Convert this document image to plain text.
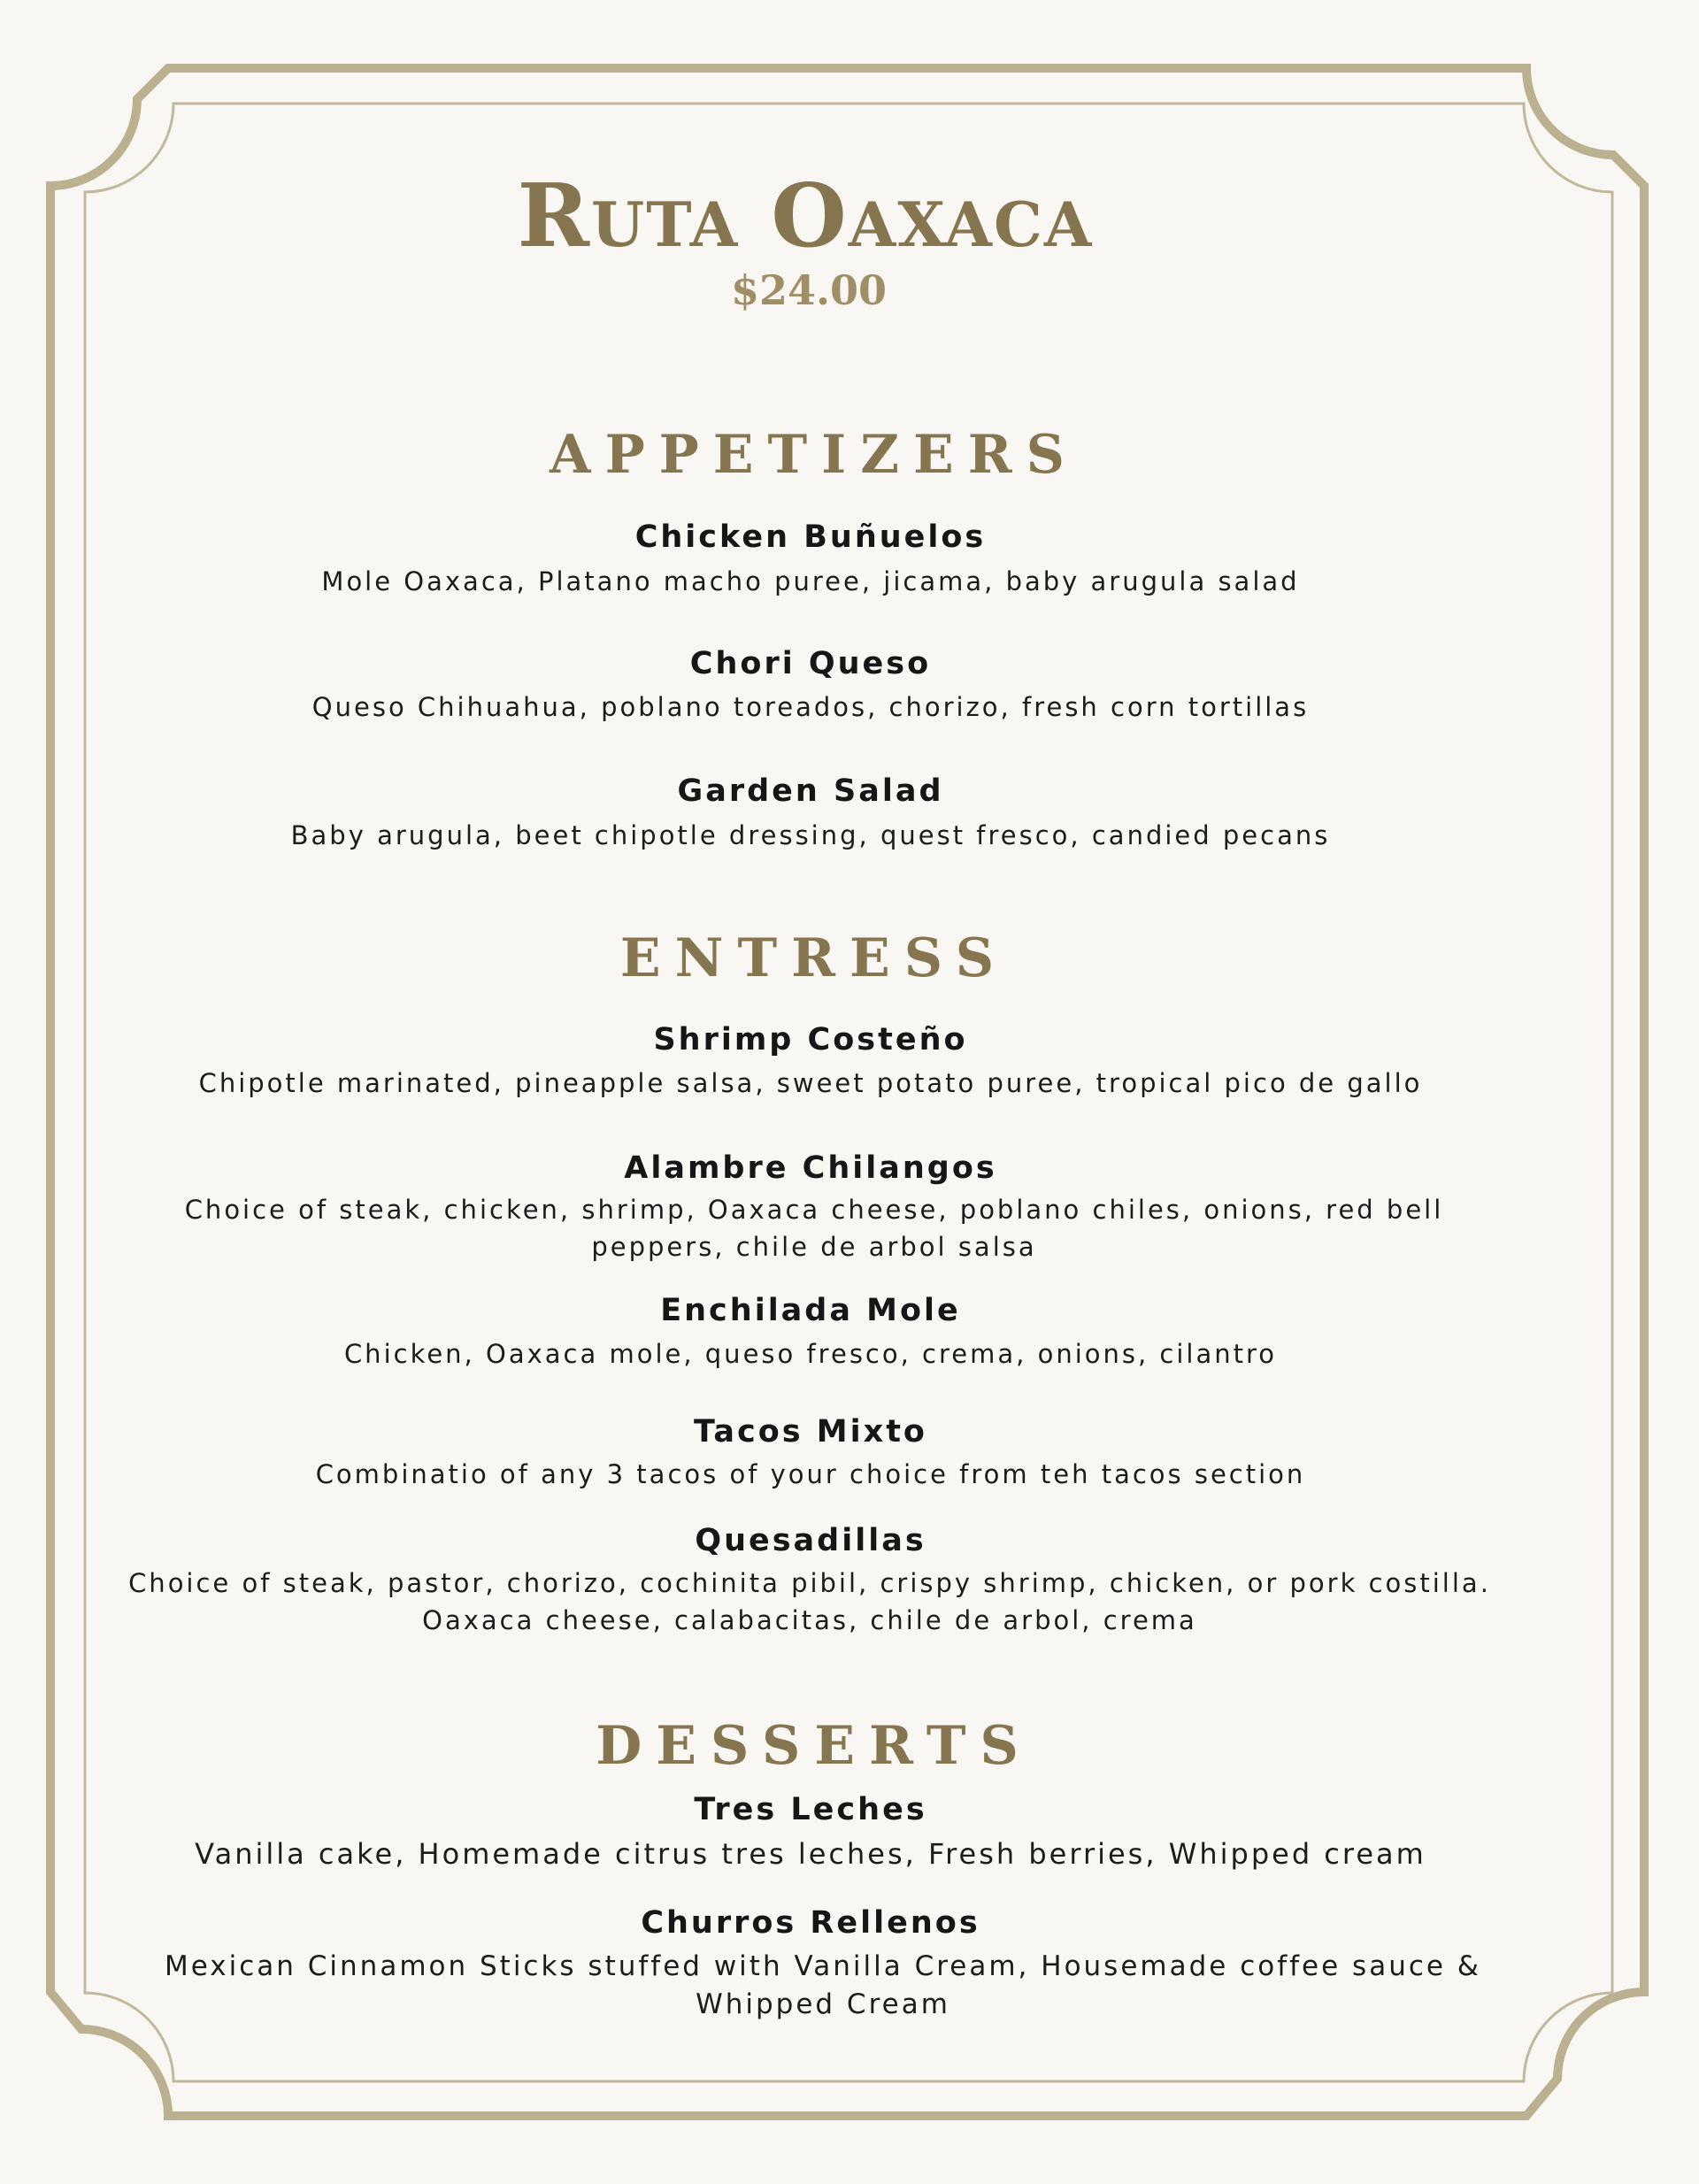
Ruta Oaxaca
$24.00
APPETIZERS
Chicken Buñuelos
Mole Oaxaca, Platano macho puree, jicama, baby arugula salad
Chori Queso
Queso Chihuahua, poblano toreados, chorizo, fresh corn tortillas
Garden Salad
Baby arugula, beet chipotle dressing, quest fresco, candied pecans
ENTRESS
Shrimp Costeño
Chipotle marinated, pineapple salsa, sweet potato puree, tropical pico de gallo
Alambre Chilangos
Choice of steak, chicken, shrimp, Oaxaca cheese, poblano chiles, onions, red bell peppers, chile de arbol salsa
Enchilada Mole
Chicken, Oaxaca mole, queso fresco, crema, onions, cilantro
Tacos Mixto
Combinatio of any 3 tacos of your choice from teh tacos section
Quesadillas
Choice of steak, pastor, chorizo, cochinita pibil, crispy shrimp, chicken, or pork costilla. Oaxaca cheese, calabacitas, chile de arbol, crema
DESSERTS
Tres Leches
Vanilla cake, Homemade citrus tres leches, Fresh berries, Whipped cream
Churros Rellenos
Mexican Cinnamon Sticks stuffed with Vanilla Cream, Housemade coffee sauce & Whipped Cream
